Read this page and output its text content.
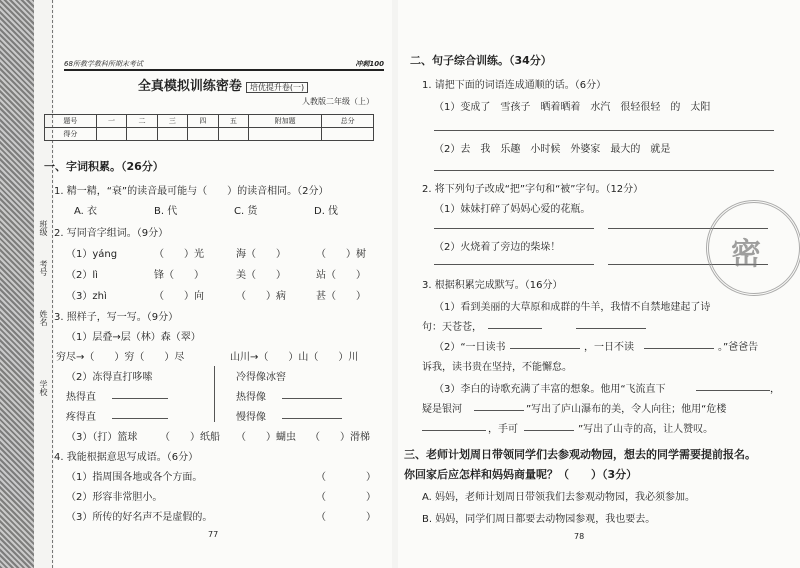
班级
考号
姓名
学校
68所教学教科所期末考试	冲刺100
全真模拟训练密卷 培优提升卷(一)
人教版二年级（上）
题号	一	二	三	四	五	附加题	总分
得分							
一、字词积累。（26分）
1. 精一精，“衰”的读音最可能与（　　）的读音相同。（2分）
A. 衣	B. 代	C. 货	D. 伐
2. 写同音字组词。（9分）
（1）yáng	（　　）光	海（　　）	（　　）树
（2）lì	锋（　　）	美（　　）	站（　　）
（3）zhì	（　　）向	（　　）病	甚（　　）
3. 照样子，写一写。（9分）
（1）层叠→层（林）森（翠）
穷尽→（　　）穷（　　）尽	山川→（　　）山（　　）川
（2）冻得直打哆嗦	冷得像冰窖
热得直	热得像
疼得直	慢得像
（3）（打）篮球 （　　）纸船 （　　）蝴虫 （　　）滑梯
4. 我能根据意思写成语。（6分）
（1）指周围各地或各个方面。	（　　　　）
（2）形容非常胆小。	（　　　　）
（3）所传的好名声不是虚假的。	（　　　　）
77
二、句子综合训练。（34分）
1. 请把下面的词语连成通顺的话。（6分）
（1）变成了　雪孩子　晒着晒着　水汽　很轻很轻　的　太阳
（2）去　我　乐趣　小时候　外婆家　最大的　就是
2. 将下列句子改成“把”字句和“被”字句。（12分）
（1）妹妹打碎了妈妈心爱的花瓶。
（2）火烧着了旁边的柴垛！
3. 根据积累完成默写。（16分）
（1）看到美丽的大草原和成群的牛羊，我情不自禁地建起了诗
句：天苍苍，
（2）“一日读书	，一日不读	。”爸爸告
诉我，读书贵在坚持，不能懈怠。
（3）李白的诗歌充满了丰富的想象。他用“飞流直下	，
疑是银河	”写出了庐山瀑布的美，令人向往；他用“危楼
，手可	”写出了山寺的高，让人赞叹。
三、老师计划周日带领同学们去参观动物园，想去的同学需要提前报名。
你回家后应怎样和妈妈商量呢？（　　）（3分）
A. 妈妈，老师计划周日带领我们去参观动物园，我必须参加。
B. 妈妈，同学们周日都要去动物园参观，我也要去。
78
密
